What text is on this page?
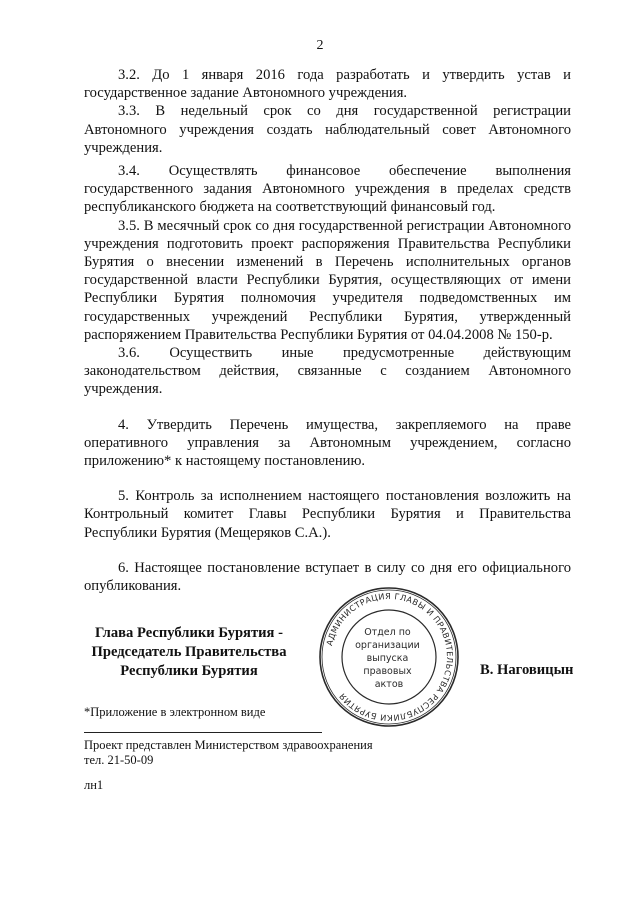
2

3.2. До 1 января 2016 года разработать и утвердить устав и государственное задание Автономного учреждения.

3.3. В недельный срок со дня государственной регистрации Автономного учреждения создать наблюдательный совет Автономного учреждения.

3.4. Осуществлять финансовое обеспечение выполнения государственного задания Автономного учреждения в пределах средств республиканского бюджета на соответствующий финансовый год.

3.5. В месячный срок со дня государственной регистрации Автономного учреждения подготовить проект распоряжения Правительства Республики Бурятия о внесении изменений в Перечень исполнительных органов государственной власти Республики Бурятия, осуществляющих от имени Республики Бурятия полномочия учредителя подведомственных им государственных учреждений Республики Бурятия, утвержденный распоряжением Правительства Республики Бурятия от 04.04.2008 № 150-р.

3.6. Осуществить иные предусмотренные действующим законодательством действия, связанные с созданием Автономного учреждения.

4. Утвердить Перечень имущества, закрепляемого на праве оперативного управления за Автономным учреждением, согласно приложению* к настоящему постановлению.

5. Контроль за исполнением настоящего постановления возложить на Контрольный комитет Главы Республики Бурятия и Правительства Республики Бурятия (Мещеряков С.А.).

6. Настоящее постановление вступает в силу со дня его официального опубликования.

Глава Республики Бурятия -
Председатель Правительства
Республики Бурятия
АДМИНИСТРАЦИЯ ГЛАВЫ И ПРАВИТЕЛЬСТВА РЕСПУБЛИКИ БУРЯТИЯ
Отдел по организации выпуска правовых актов
В. Наговицын
*Приложение в электронном виде
Проект представлен Министерством здравоохранения
тел. 21-50-09
лн1
